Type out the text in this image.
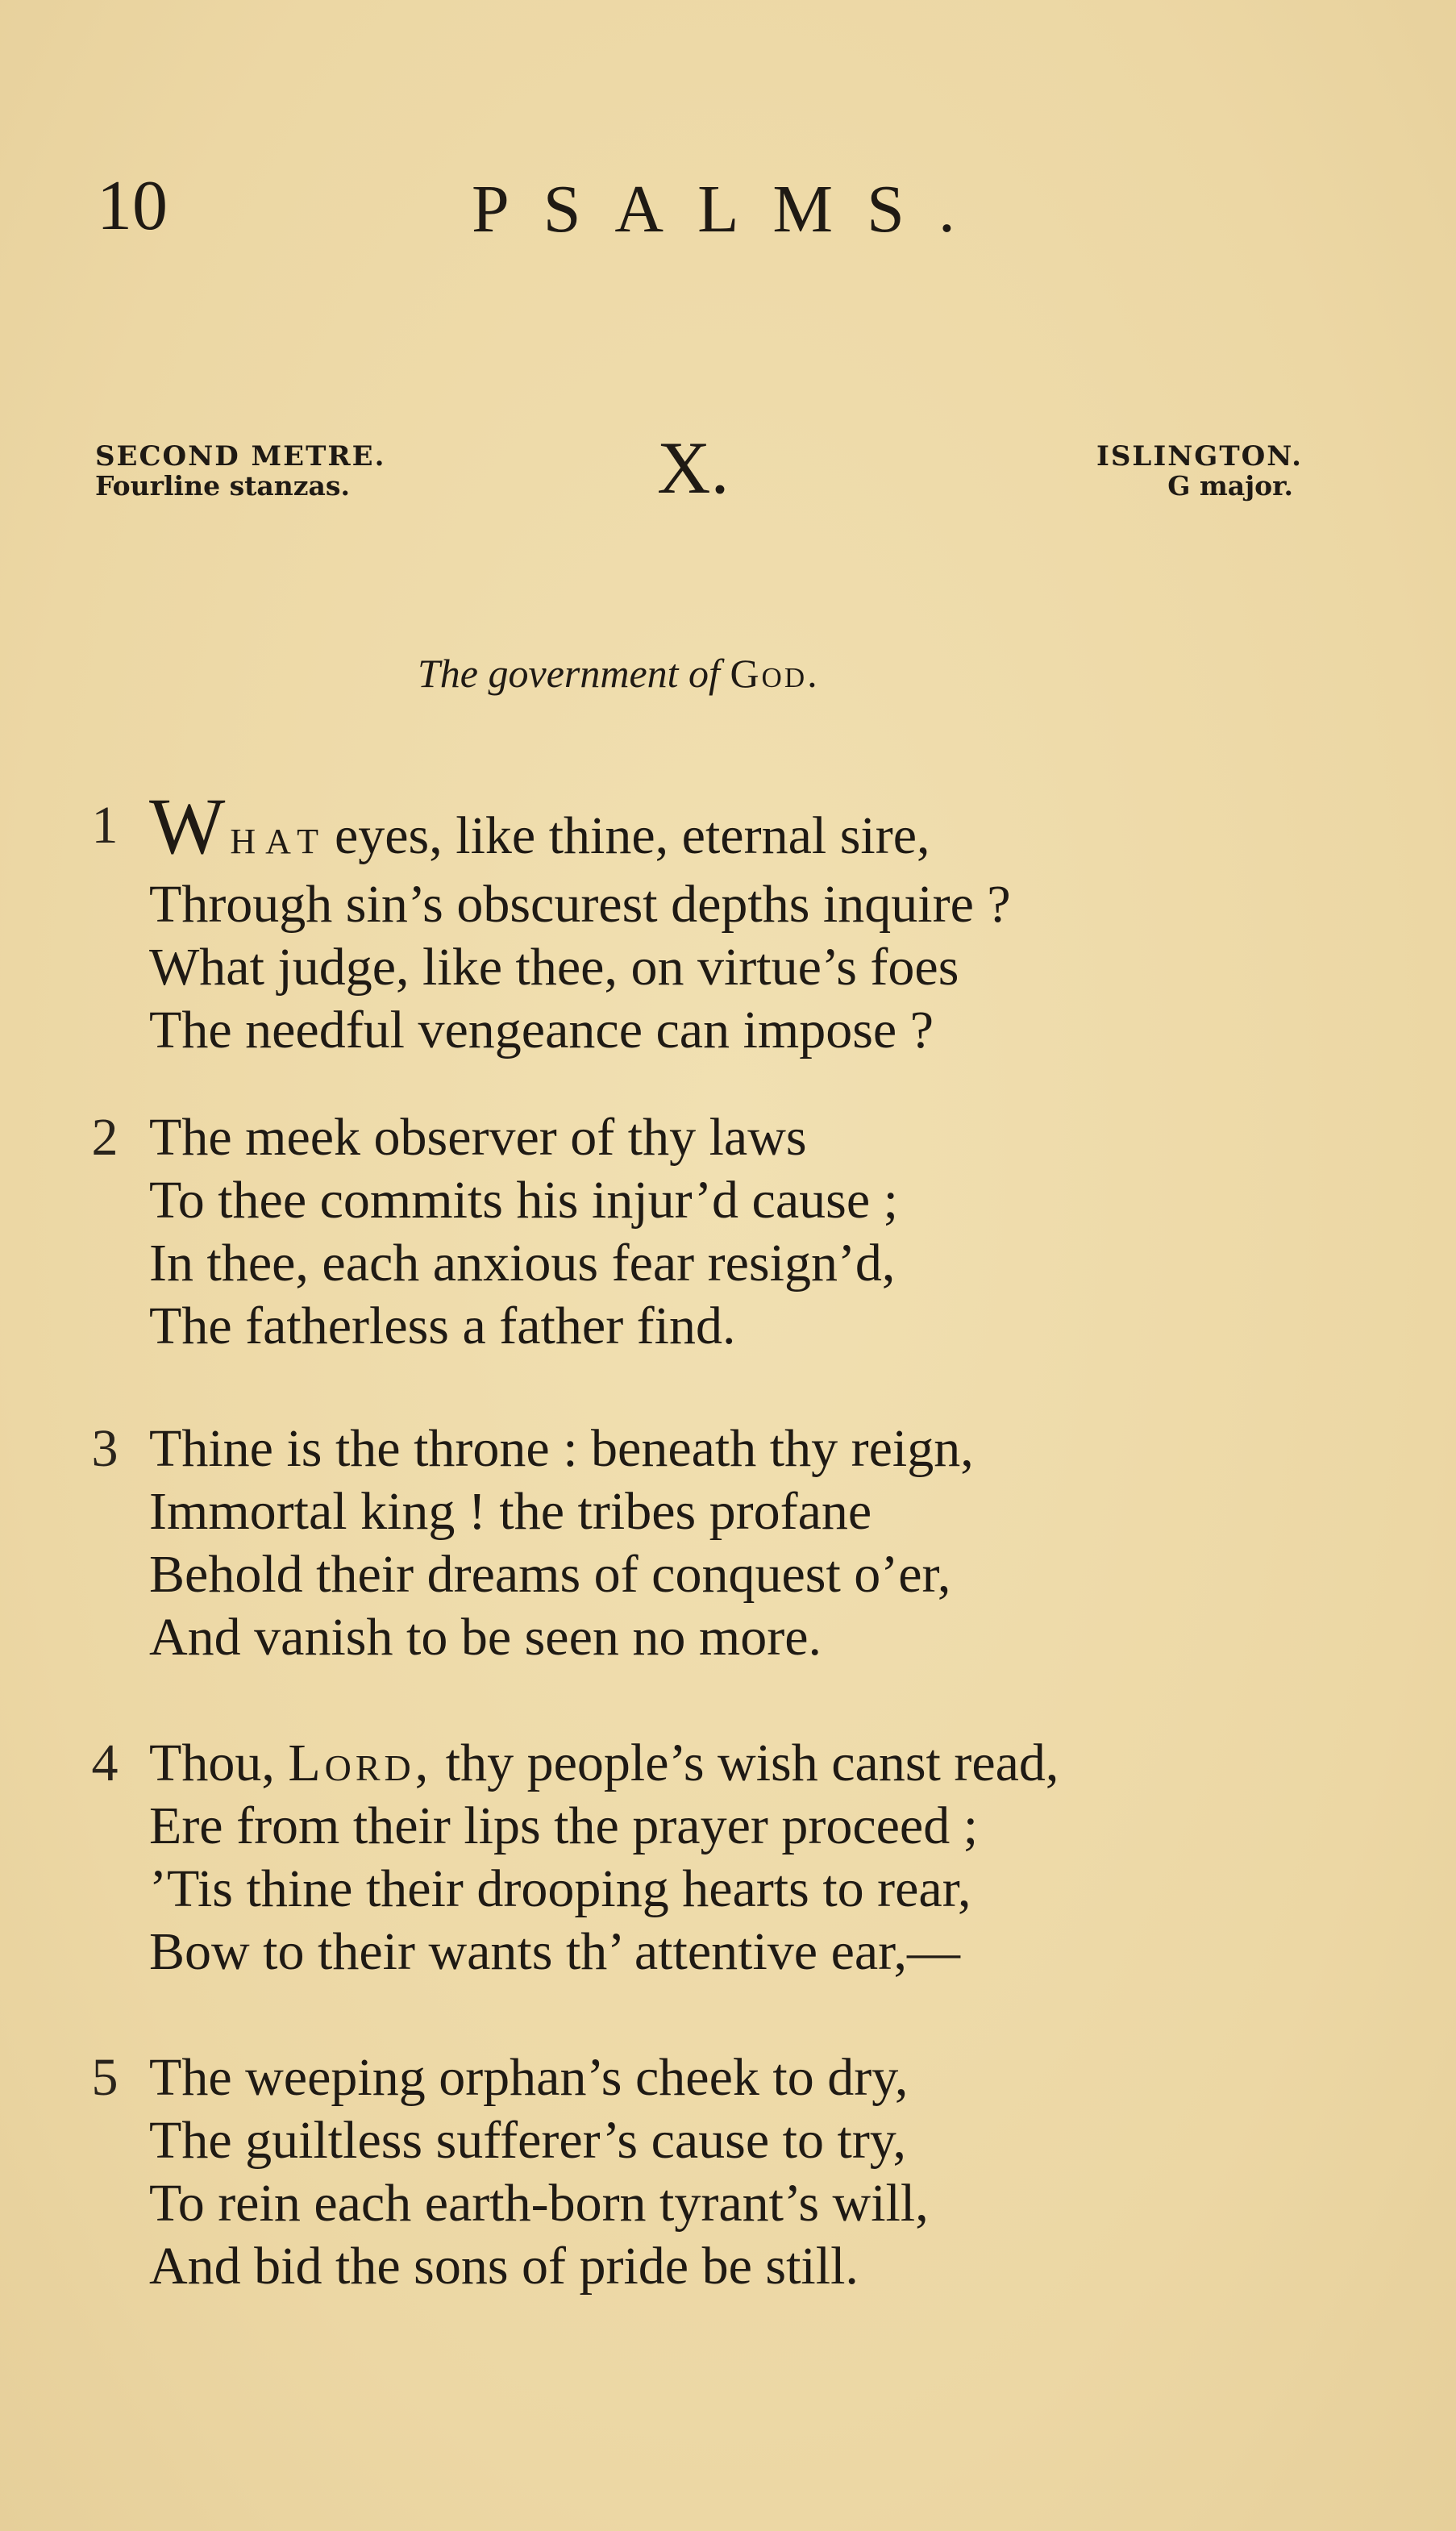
10	PSALMS.
SECOND METRE.
Fourline stanzas.	X.	ISLINGTON.
G major.
The government of God.
1 WHAT eyes, like thine, eternal sire,
Through sin’s obscurest depths inquire ?
What judge, like thee, on virtue’s foes
The needful vengeance can impose ?
2 The meek observer of thy laws
To thee commits his injur’d cause ;
In thee, each anxious fear resign’d,
The fatherless a father find.
3 Thine is the throne : beneath thy reign,
Immortal king ! the tribes profane
Behold their dreams of conquest o’er,
And vanish to be seen no more.
4 Thou, Lord, thy people’s wish canst read,
Ere from their lips the prayer proceed ;
’Tis thine their drooping hearts to rear,
Bow to their wants th’ attentive ear,—
5 The weeping orphan’s cheek to dry,
The guiltless sufferer’s cause to try,
To rein each earth-born tyrant’s will,
And bid the sons of pride be still.
